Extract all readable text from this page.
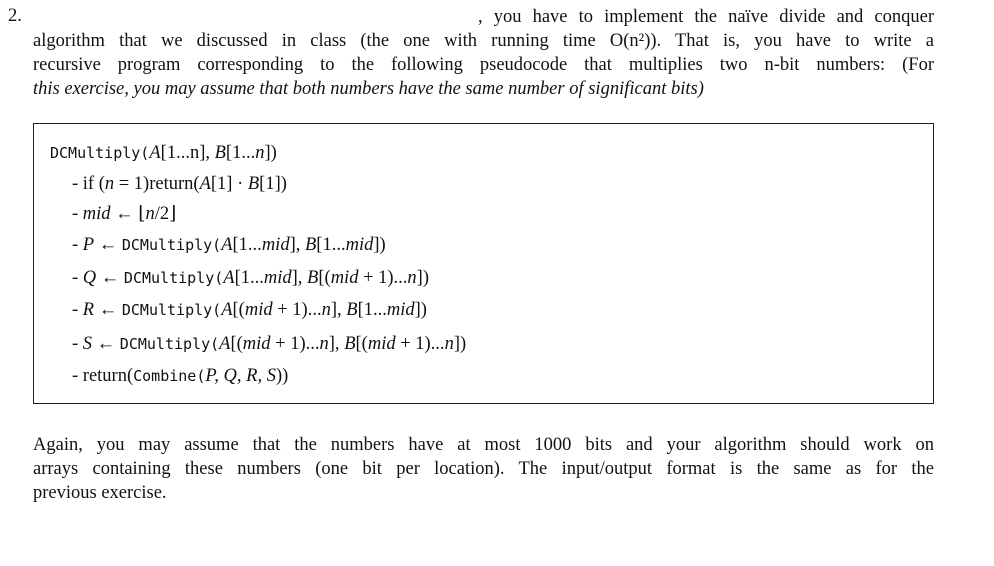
2.	, you have to implement the naïve divide and conquer
algorithm that we discussed in class (the one with running time O(n²)). That is, you have to write a
recursive program corresponding to the following pseudocode that multiplies two n-bit numbers: (For
this exercise, you may assume that both numbers have the same number of significant bits)
DCMultiply(A[1...n], B[1...n])
- if (n = 1)return(A[1] · B[1])
- mid ← ⌊n/2⌋
- P ← DCMultiply(A[1...mid], B[1...mid])
- Q ← DCMultiply(A[1...mid], B[(mid + 1)...n])
- R ← DCMultiply(A[(mid + 1)...n], B[1...mid])
- S ← DCMultiply(A[(mid + 1)...n], B[(mid + 1)...n])
- return(Combine(P, Q, R, S))
Again, you may assume that the numbers have at most 1000 bits and your algorithm should work on
arrays containing these numbers (one bit per location). The input/output format is the same as for the
previous exercise.
